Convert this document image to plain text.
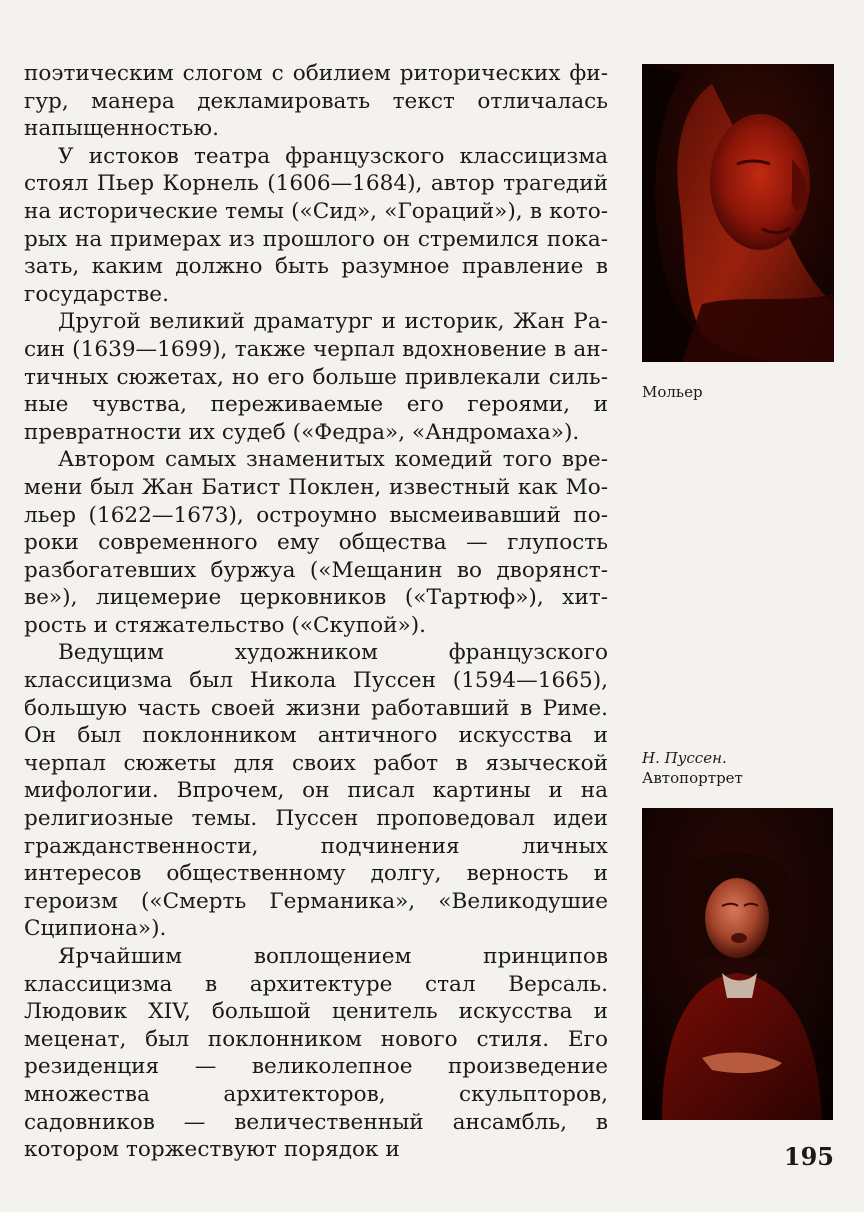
поэтическим слогом с обилием риторических фигур, манера декламировать текст отличалась напыщенностью.

У истоков театра французского классицизма стоял Пьер Корнель (1606—1684), автор трагедий на исторические темы («Сид», «Гораций»), в которых на примерах из прошлого он стремился показать, каким должно быть разумное правление в государстве.

Другой великий драматург и историк, Жан Расин (1639—1699), также черпал вдохновение в античных сюжетах, но его больше привлекали сильные чувства, переживаемые его героями, и превратности их судеб («Федра», «Андромаха»).

Автором самых знаменитых комедий того времени был Жан Батист Поклен, известный как Мольер (1622—1673), остроумно высмеивавший пороки современного ему общества — глупость разбогатевших буржуа («Мещанин во дворянстве»), лицемерие церковников («Тартюф»), хитрость и стяжательство («Скупой»).

Ведущим художником французского классицизма был Никола Пуссен (1594—1665), большую часть своей жизни работавший в Риме. Он был поклонником античного искусства и черпал сюжеты для своих работ в языческой мифологии. Впрочем, он писал картины и на религиозные темы. Пуссен проповедовал идеи гражданственности, подчинения личных интересов общественному долгу, верность и героизм («Смерть Германика», «Великодушие Сципиона»).

Ярчайшим воплощением принципов классицизма в архитектуре стал Версаль. Людовик XIV, большой ценитель искусства и меценат, был поклонником нового стиля. Его резиденция — великолепное произведение множества архитекторов, скульпторов, садовников — величественный ансамбль, в котором торжествуют порядок и

Мольер
Н. Пуссен.
Автопортрет
195
